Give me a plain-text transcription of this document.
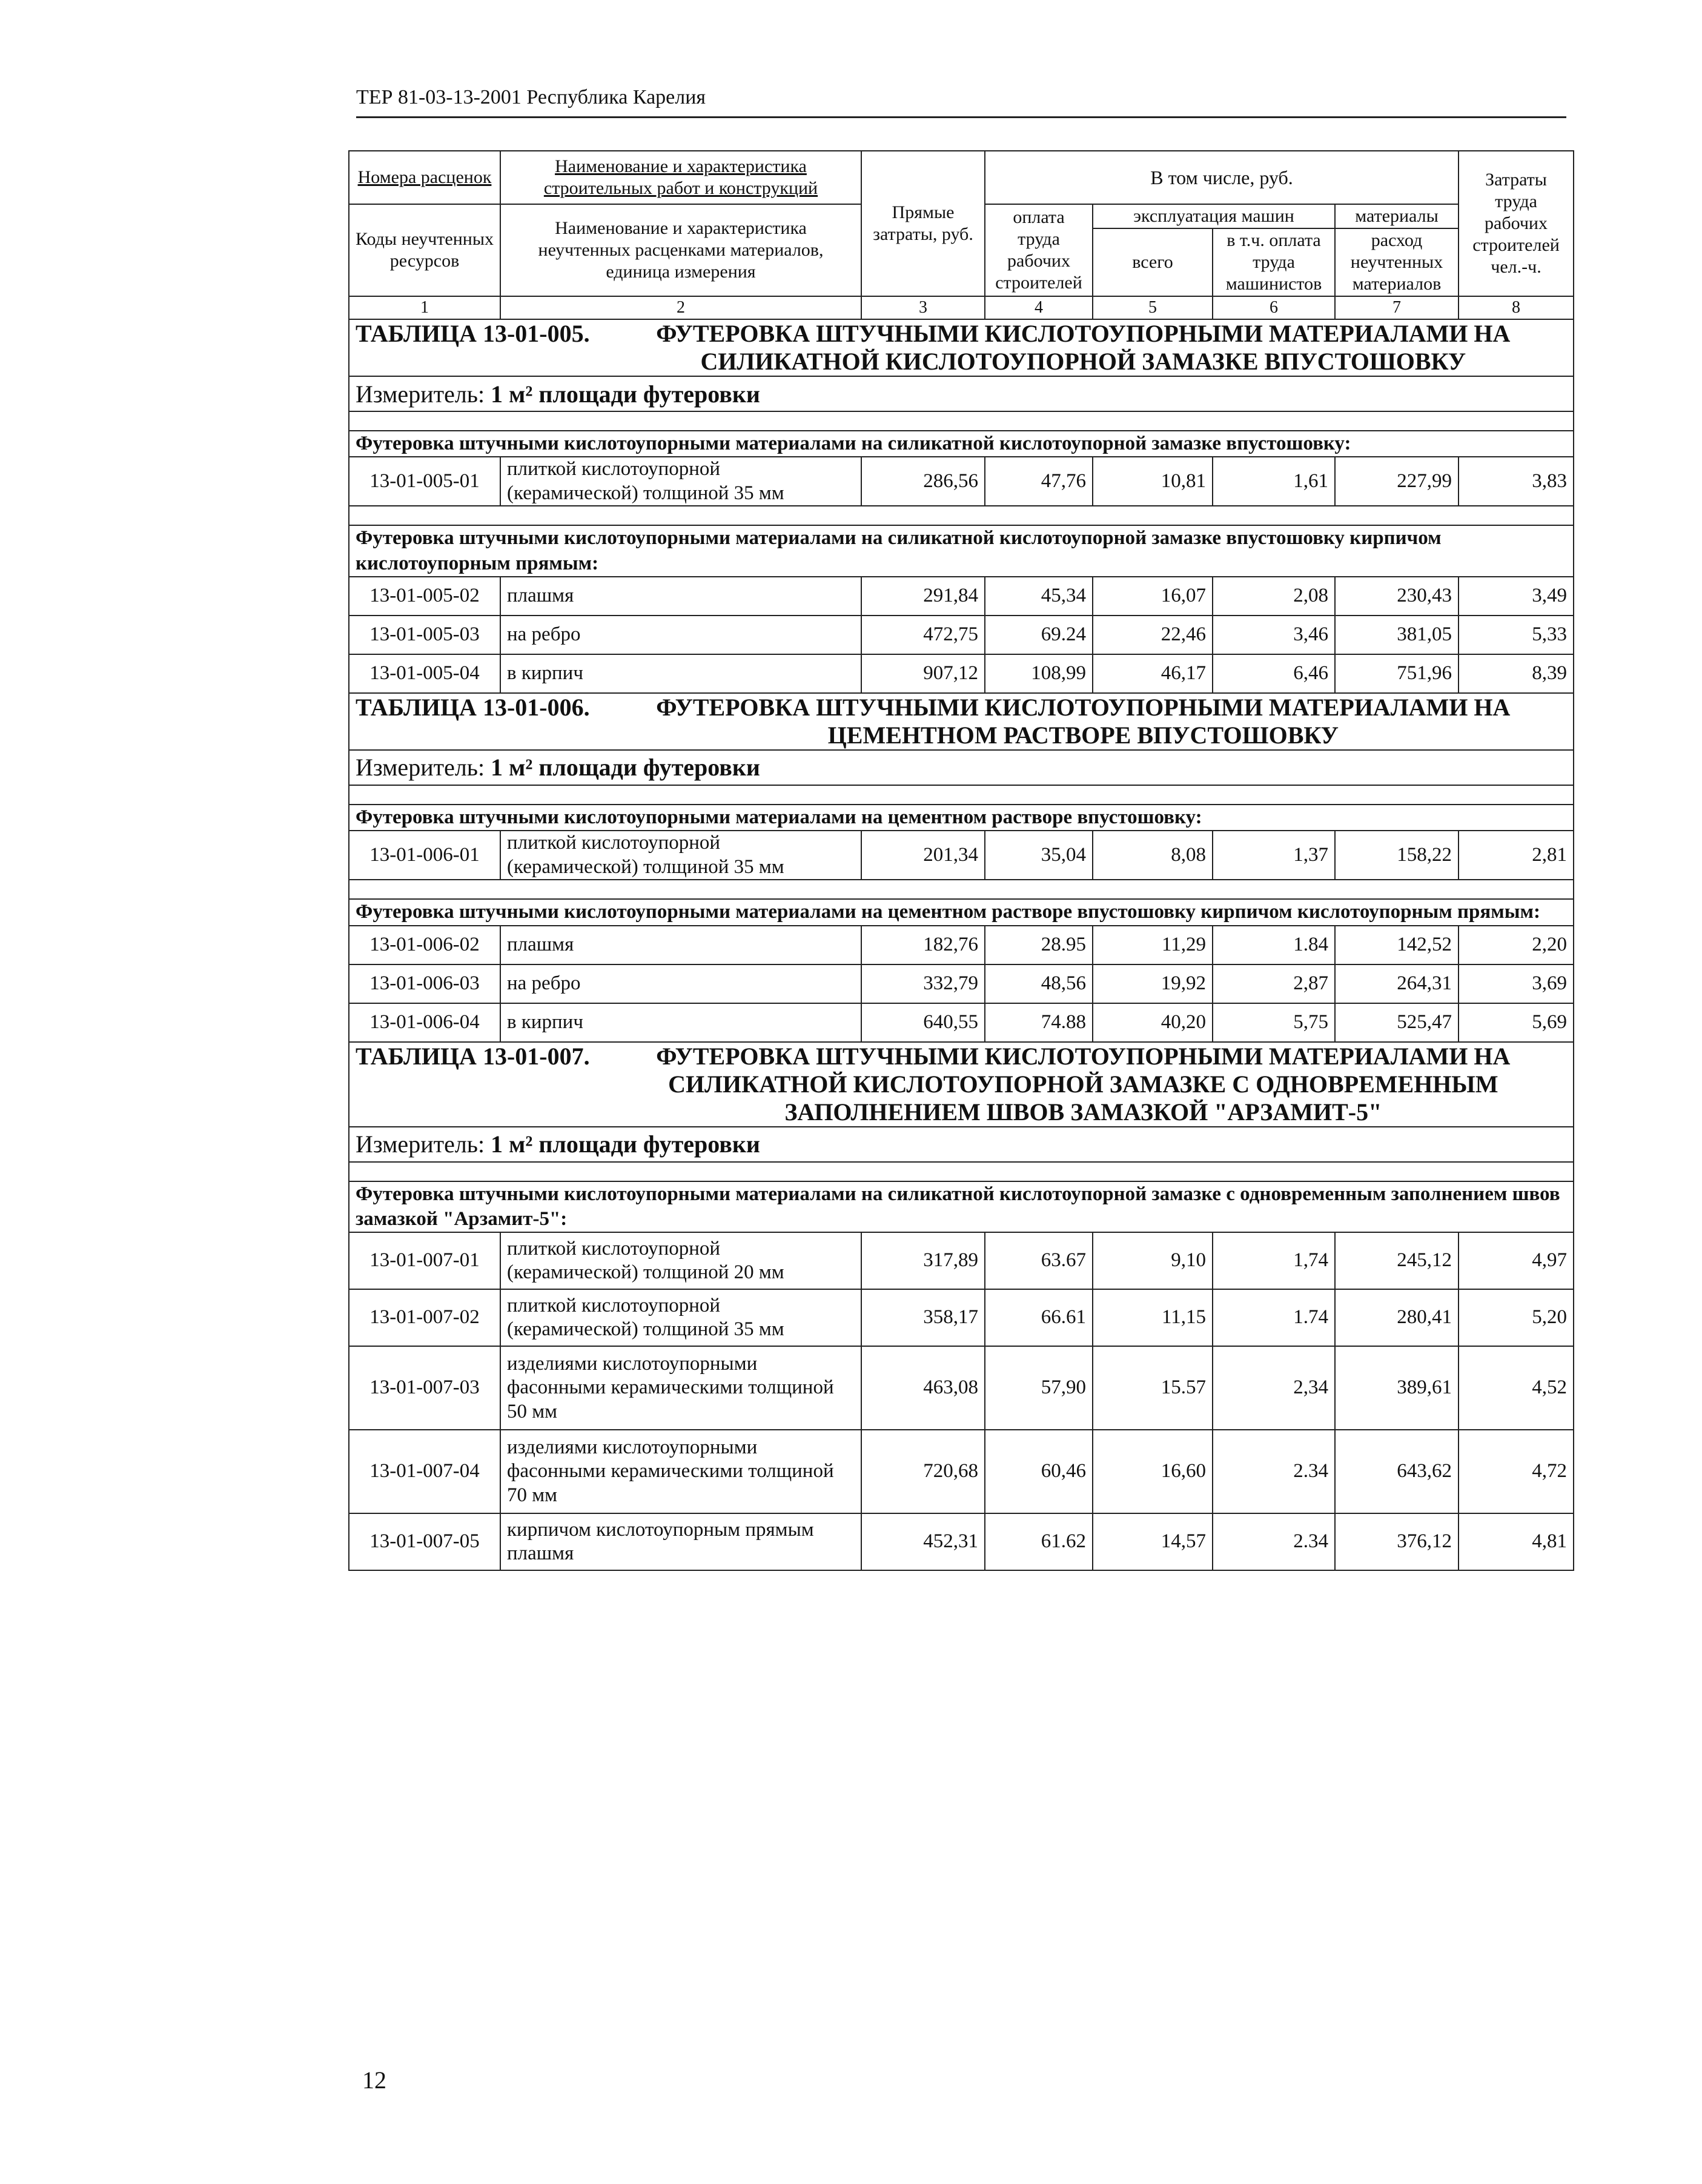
ТЕР 81-03-13-2001 Республика Карелия
Номера расценок	Наименование и характеристика строительных работ и конструкций	Прямые затраты, руб.	В том числе, руб.				Затраты труда рабочих строителей чел.-ч.
Коды неучтенных ресурсов	Наименование и характеристика неучтенных расценками материалов, единица измерения		оплата труда рабочих строителей	эксплуатация машин		материалы	
				всего	в т.ч. оплата труда машинистов	расход неучтенных материалов	
1	2	3	4	5	6	7	8

ТАБЛИЦА 13-01-005. ФУТЕРОВКА ШТУЧНЫМИ КИСЛОТОУПОРНЫМИ МАТЕРИАЛАМИ НА СИЛИКАТНОЙ КИСЛОТОУПОРНОЙ ЗАМАЗКЕ ВПУСТОШОВКУ							

Измеритель: 1 м² площади футеровки							

Футеровка штучными кислотоупорными материалами на силикатной кислотоупорной замазке впустошовку:							
13-01-005-01	плиткой кислотоупорной (керамической) толщиной 35 мм	286,56	47,76	10,81	1,61	227,99	3,83

Футеровка штучными кислотоупорными материалами на силикатной кислотоупорной замазке впустошовку кирпичом кислотоупорным прямым:							
13-01-005-02	плашмя	291,84	45,34	16,07	2,08	230,43	3,49
13-01-005-03	на ребро	472,75	69.24	22,46	3,46	381,05	5,33
13-01-005-04	в кирпич	907,12	108,99	46,17	6,46	751,96	8,39

ТАБЛИЦА 13-01-006. ФУТЕРОВКА ШТУЧНЫМИ КИСЛОТОУПОРНЫМИ МАТЕРИАЛАМИ НА ЦЕМЕНТНОМ РАСТВОРЕ ВПУСТОШОВКУ							

Измеритель: 1 м² площади футеровки							

Футеровка штучными кислотоупорными материалами на цементном растворе впустошовку:							
13-01-006-01	плиткой кислотоупорной (керамической) толщиной 35 мм	201,34	35,04	8,08	1,37	158,22	2,81

Футеровка штучными кислотоупорными материалами на цементном растворе впустошовку кирпичом кислотоупорным прямым:							
13-01-006-02	плашмя	182,76	28.95	11,29	1.84	142,52	2,20
13-01-006-03	на ребро	332,79	48,56	19,92	2,87	264,31	3,69
13-01-006-04	в кирпич	640,55	74.88	40,20	5,75	525,47	5,69

ТАБЛИЦА 13-01-007. ФУТЕРОВКА ШТУЧНЫМИ КИСЛОТОУПОРНЫМИ МАТЕРИАЛАМИ НА СИЛИКАТНОЙ КИСЛОТОУПОРНОЙ ЗАМАЗКЕ С ОДНОВРЕМЕННЫМ ЗАПОЛНЕНИЕМ ШВОВ ЗАМАЗКОЙ "АРЗАМИТ-5"							

Измеритель: 1 м² площади футеровки							

Футеровка штучными кислотоупорными материалами на силикатной кислотоупорной замазке с одновременным заполнением швов замазкой "Арзамит-5":							
13-01-007-01	плиткой кислотоупорной (керамической) толщиной 20 мм	317,89	63.67	9,10	1,74	245,12	4,97
13-01-007-02	плиткой кислотоупорной (керамической) толщиной 35 мм	358,17	66.61	11,15	1.74	280,41	5,20
13-01-007-03	изделиями кислотоупорными фасонными керамическими толщиной 50 мм	463,08	57,90	15.57	2,34	389,61	4,52
13-01-007-04	изделиями кислотоупорными фасонными керамическими толщиной 70 мм	720,68	60,46	16,60	2.34	643,62	4,72
13-01-007-05	кирпичом кислотоупорным прямым плашмя	452,31	61.62	14,57	2.34	376,12	4,81
12
